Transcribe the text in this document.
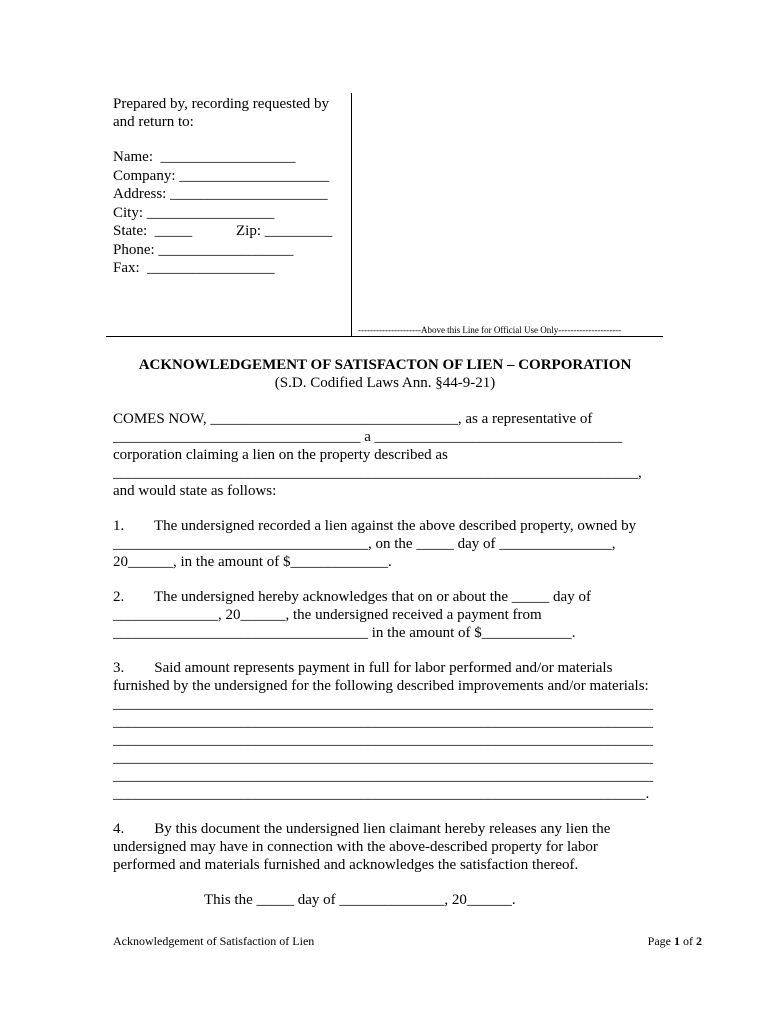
Prepared by, recording requested by
and return to:
Name:  __________________
Company: ____________________
Address: _____________________
City: _________________
State:  _____	Zip: _________
Phone: __________________
Fax:  _________________
---------------------Above this Line for Official Use Only---------------------
ACKNOWLEDGEMENT OF SATISFACTON OF LIEN – CORPORATION
(S.D. Codified Laws Ann. §44-9-21)
COMES NOW, _________________________________, as a representative of
_________________________________ a _________________________________
corporation claiming a lien on the property described as
______________________________________________________________________,
and would state as follows:
1.        The undersigned recorded a lien against the above described property, owned by
__________________________________, on the _____ day of _______________,
20______, in the amount of $_____________.
2.        The undersigned hereby acknowledges that on or about the _____ day of
______________, 20______, the undersigned received a payment from
__________________________________ in the amount of $____________.
3.        Said amount represents payment in full for labor performed and/or materials
furnished by the undersigned for the following described improvements and/or materials:
________________________________________________________________________
________________________________________________________________________
________________________________________________________________________
________________________________________________________________________
________________________________________________________________________
_______________________________________________________________________.
4.        By this document the undersigned lien claimant hereby releases any lien the
undersigned may have in connection with the above-described property for labor
performed and materials furnished and acknowledges the satisfaction thereof.
This the _____ day of ______________, 20______.
Acknowledgement of Satisfaction of Lien	Page 1 of 2
